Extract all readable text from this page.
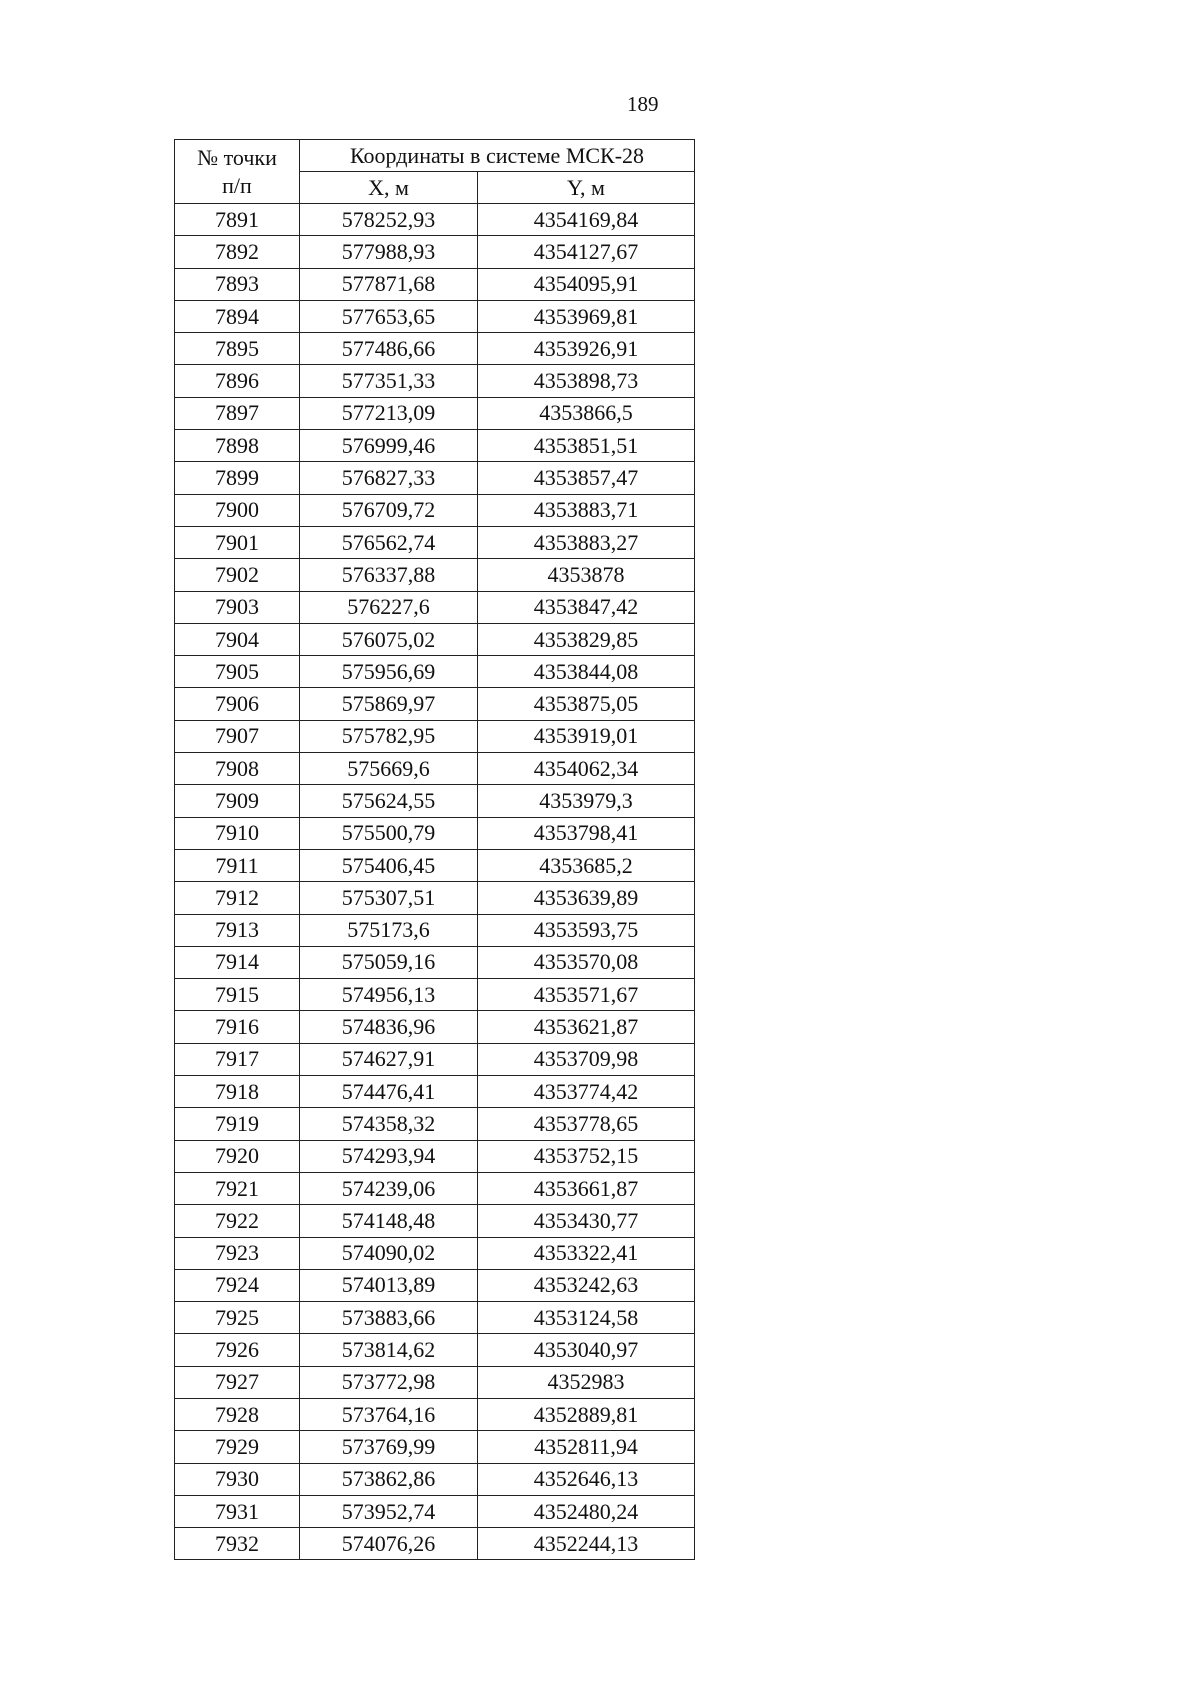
189
№ точки
п/п	Координаты в системе МСК-28	
	X, м	Y, м
7891	578252,93	4354169,84
7892	577988,93	4354127,67
7893	577871,68	4354095,91
7894	577653,65	4353969,81
7895	577486,66	4353926,91
7896	577351,33	4353898,73
7897	577213,09	4353866,5
7898	576999,46	4353851,51
7899	576827,33	4353857,47
7900	576709,72	4353883,71
7901	576562,74	4353883,27
7902	576337,88	4353878
7903	576227,6	4353847,42
7904	576075,02	4353829,85
7905	575956,69	4353844,08
7906	575869,97	4353875,05
7907	575782,95	4353919,01
7908	575669,6	4354062,34
7909	575624,55	4353979,3
7910	575500,79	4353798,41
7911	575406,45	4353685,2
7912	575307,51	4353639,89
7913	575173,6	4353593,75
7914	575059,16	4353570,08
7915	574956,13	4353571,67
7916	574836,96	4353621,87
7917	574627,91	4353709,98
7918	574476,41	4353774,42
7919	574358,32	4353778,65
7920	574293,94	4353752,15
7921	574239,06	4353661,87
7922	574148,48	4353430,77
7923	574090,02	4353322,41
7924	574013,89	4353242,63
7925	573883,66	4353124,58
7926	573814,62	4353040,97
7927	573772,98	4352983
7928	573764,16	4352889,81
7929	573769,99	4352811,94
7930	573862,86	4352646,13
7931	573952,74	4352480,24
7932	574076,26	4352244,13
